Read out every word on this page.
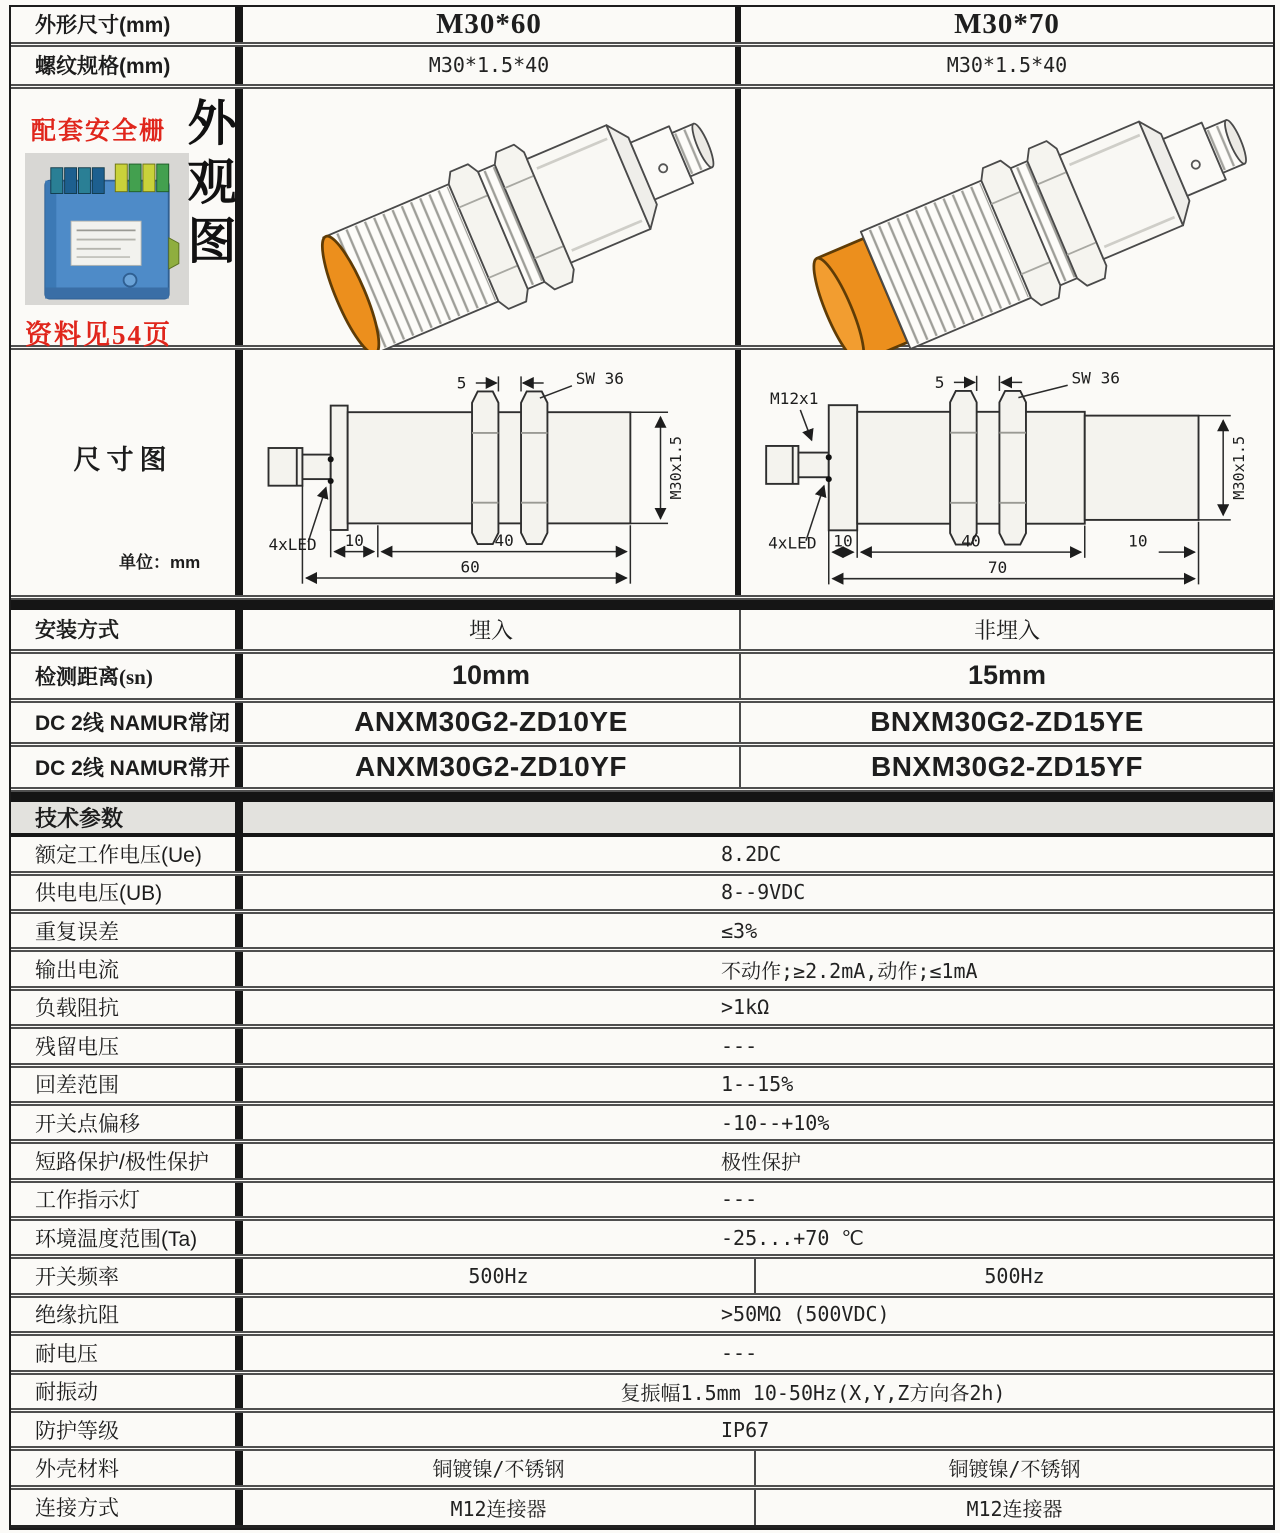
外形尺寸(mm)	M30*60	M30*70
螺纹规格(mm)	M30*1.5*40	M30*1.5*40
配套安全栅
资料见54页
外观图
尺寸图
单位：mm
5	SW 36
M30x1.5
4xLED 10	40
60
M12x1
5	SW 36
M30x1.5
4xLED 10	40	10
70
安装方式	埋入	非埋入
检测距离(sn)	10mm	15mm
DC 2线 NAMUR常闭	ANXM30G2-ZD10YE	BNXM30G2-ZD15YE
DC 2线 NAMUR常开	ANXM30G2-ZD10YF	BNXM30G2-ZD15YF
技术参数
额定工作电压(Ue)	8.2DC
供电电压(UB)	8--9VDC
重复误差	≤3%
输出电流	不动作;≥2.2mA,动作;≤1mA
负载阻抗	>1kΩ
残留电压	---
回差范围	1--15%
开关点偏移	-10--+10%
短路保护/极性保护	极性保护
工作指示灯	---
环境温度范围(Ta)	-25...+70 ℃
开关频率	500Hz	500Hz
绝缘抗阻	>50MΩ (500VDC)
耐电压	---
耐振动	复振幅1.5mm 10-50Hz(X,Y,Z方向各2h)
防护等级	IP67
外壳材料	铜镀镍/不锈钢	铜镀镍/不锈钢
连接方式	M12连接器	M12连接器
